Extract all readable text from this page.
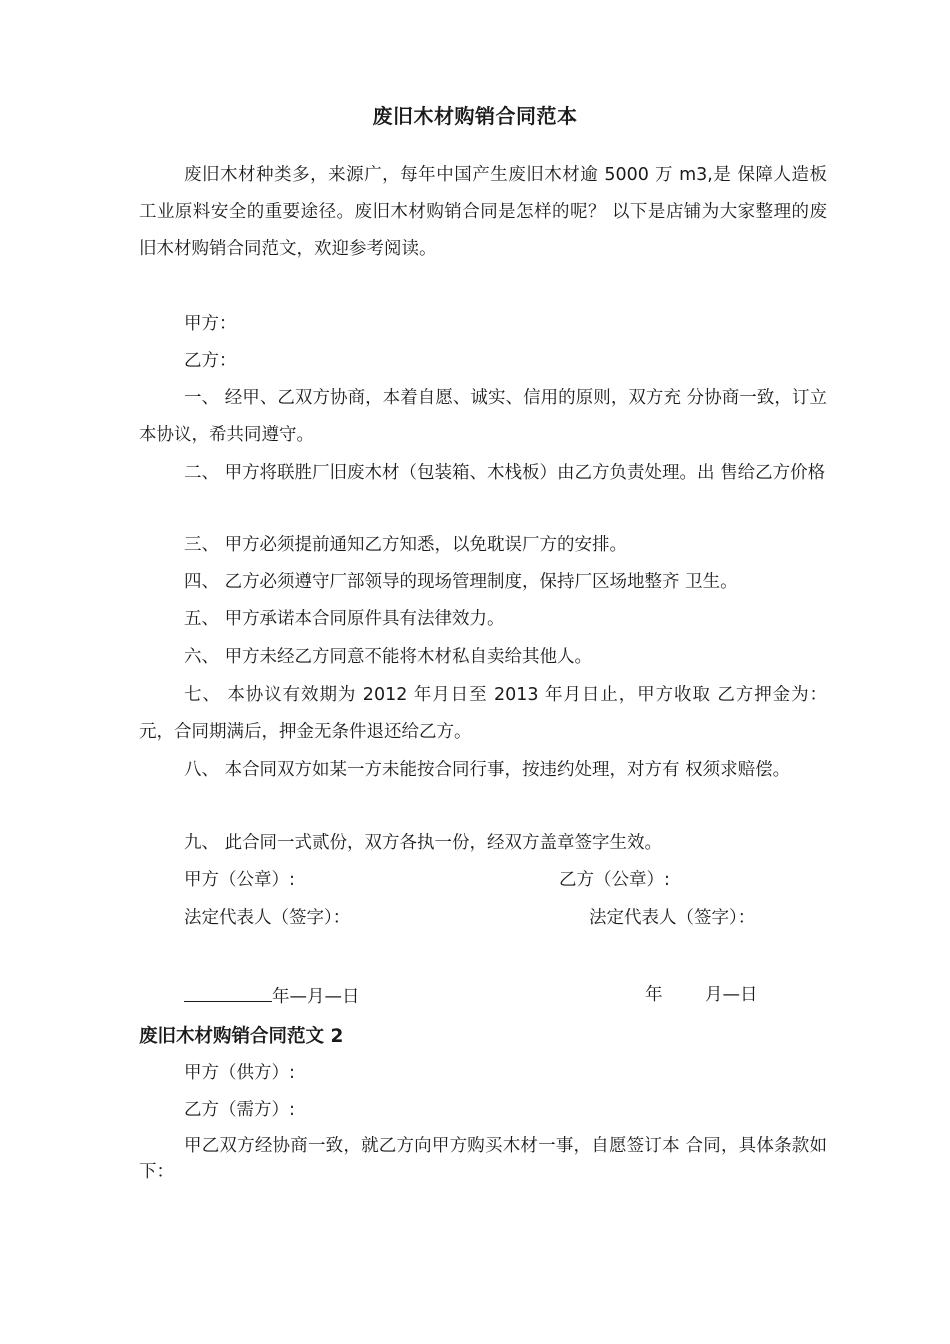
废旧木材购销合同范本

废旧木材种类多，来源广，每年中国产生废旧木材逾 5000 万 m3,是 保障人造板工业原料安全的重要途径。废旧木材购销合同是怎样的呢？ 以下是店铺为大家整理的废旧木材购销合同范文，欢迎参考阅读。

甲方：

乙方：

一、 经甲、乙双方协商，本着自愿、诚实、信用的原则，双方充 分协商一致，订立本协议，希共同遵守。

二、 甲方将联胜厂旧废木材（包装箱、木栈板）由乙方负责处理。出 售给乙方价格

三、 甲方必须提前通知乙方知悉，以免耽误厂方的安排。

四、 乙方必须遵守厂部领导的现场管理制度，保持厂区场地整齐 卫生。

五、 甲方承诺本合同原件具有法律效力。

六、 甲方未经乙方同意不能将木材私自卖给其他人。

七、 本协议有效期为 2012 年月日至 2013 年月日止，甲方收取 乙方押金为：元，合同期满后，押金无条件退还给乙方。

八、 本合同双方如某一方未能按合同行事，按违约处理，对方有 权须求赔偿。

九、 此合同一式贰份，双方各执一份，经双方盖章签字生效。

甲方（公章）:	乙方（公章）:

法定代表人（签字）：	法定代表人（签字）：

年—月—日	年 月—日

废旧木材购销合同范文 2

甲方（供方）:

乙方（需方）:

甲乙双方经协商一致，就乙方向甲方购买木材一事，自愿签订本 合同，具体条款如下：
